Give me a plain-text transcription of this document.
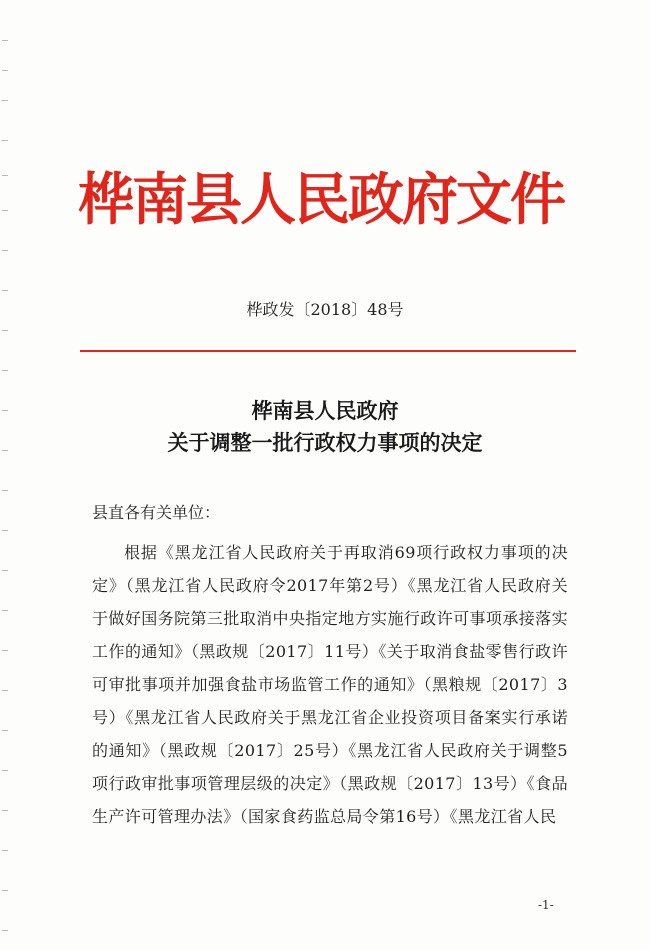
桦南县人民政府文件

桦政发〔2018〕48号

桦南县人民政府
关于调整一批行政权力事项的决定

县直各有关单位：

根据《黑龙江省人民政府关于再取消69项行政权力事项的决定》（黑龙江省人民政府令2017年第2号）《黑龙江省人民政府关于做好国务院第三批取消中央指定地方实施行政许可事项承接落实工作的通知》（黑政规〔2017〕11号）《关于取消食盐零售行政许可审批事项并加强食盐市场监管工作的通知》（黑粮规〔2017〕3号）《黑龙江省人民政府关于黑龙江省企业投资项目备案实行承诺的通知》（黑政规〔2017〕25号）《黑龙江省人民政府关于调整5项行政审批事项管理层级的决定》（黑政规〔2017〕13号）《食品生产许可管理办法》（国家食药监总局令第16号）《黑龙江省人民

-1-
